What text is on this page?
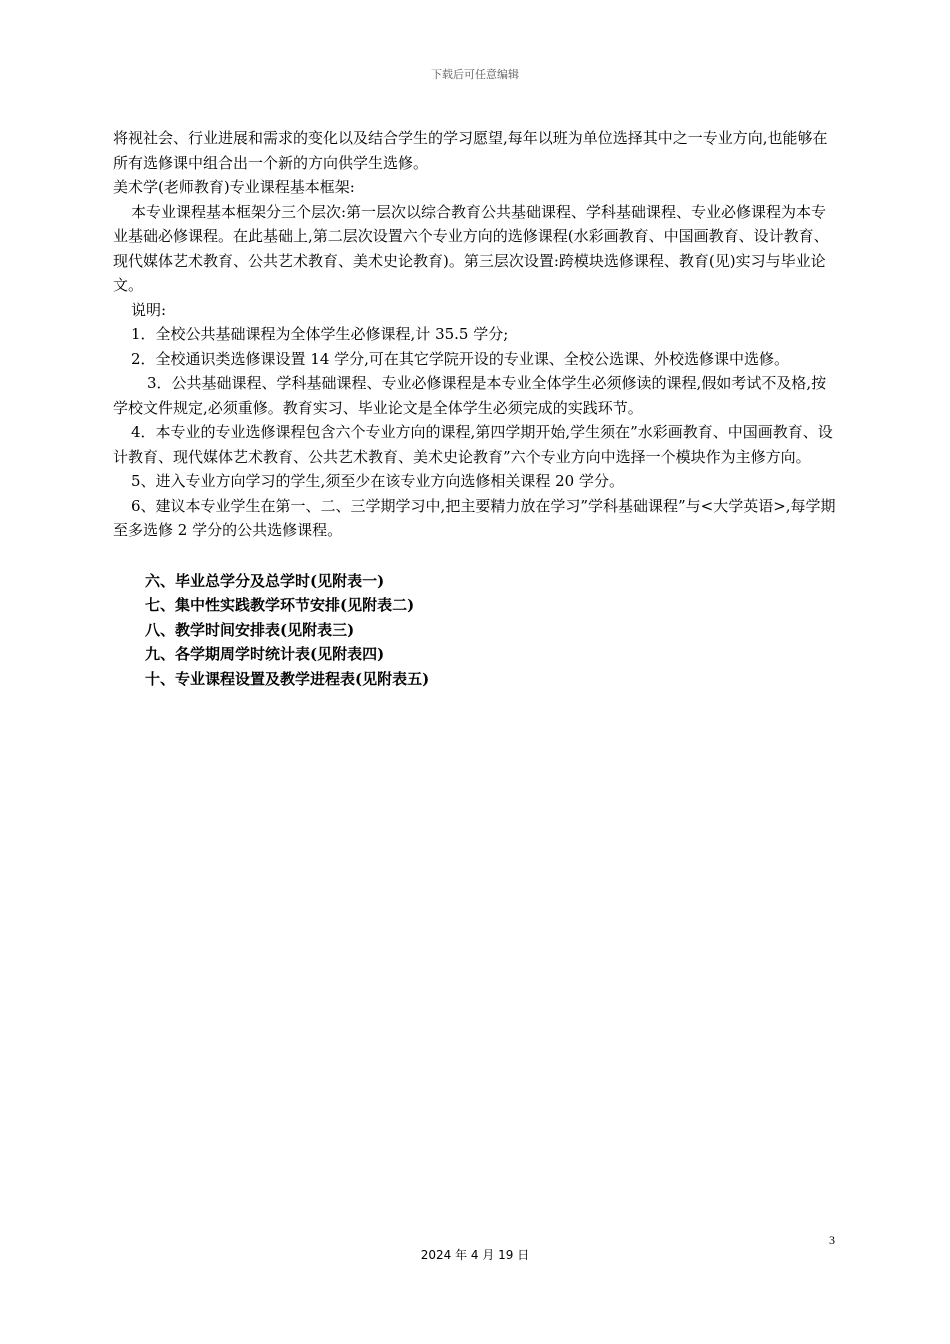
下载后可任意编辑

将视社会、行业进展和需求的变化以及结合学生的学习愿望,每年以班为单位选择其中之一专业方向,也能够在所有选修课中组合出一个新的方向供学生选修。

美术学(老师教育)专业课程基本框架:

本专业课程基本框架分三个层次:第一层次以综合教育公共基础课程、学科基础课程、专业必修课程为本专业基础必修课程。在此基础上,第二层次设置六个专业方向的选修课程(水彩画教育、中国画教育、设计教育、现代媒体艺术教育、公共艺术教育、美术史论教育)。第三层次设置:跨模块选修课程、教育(见)实习与毕业论文。

说明:

1．全校公共基础课程为全体学生必修课程,计 35.5 学分;

2．全校通识类选修课设置 14 学分,可在其它学院开设的专业课、全校公选课、外校选修课中选修。

3．公共基础课程、学科基础课程、专业必修课程是本专业全体学生必须修读的课程,假如考试不及格,按学校文件规定,必须重修。教育实习、毕业论文是全体学生必须完成的实践环节。

4．本专业的专业选修课程包含六个专业方向的课程,第四学期开始,学生须在”水彩画教育、中国画教育、设计教育、现代媒体艺术教育、公共艺术教育、美术史论教育”六个专业方向中选择一个模块作为主修方向。

5、进入专业方向学习的学生,须至少在该专业方向选修相关课程 20 学分。

6、建议本专业学生在第一、二、三学期学习中,把主要精力放在学习”学科基础课程”与<大学英语>,每学期至多选修 2 学分的公共选修课程。

六、毕业总学分及总学时(见附表一)

七、集中性实践教学环节安排(见附表二)

八、教学时间安排表(见附表三)

九、各学期周学时统计表(见附表四)

十、专业课程设置及教学进程表(见附表五)

3
2024 年 4 月 19 日
